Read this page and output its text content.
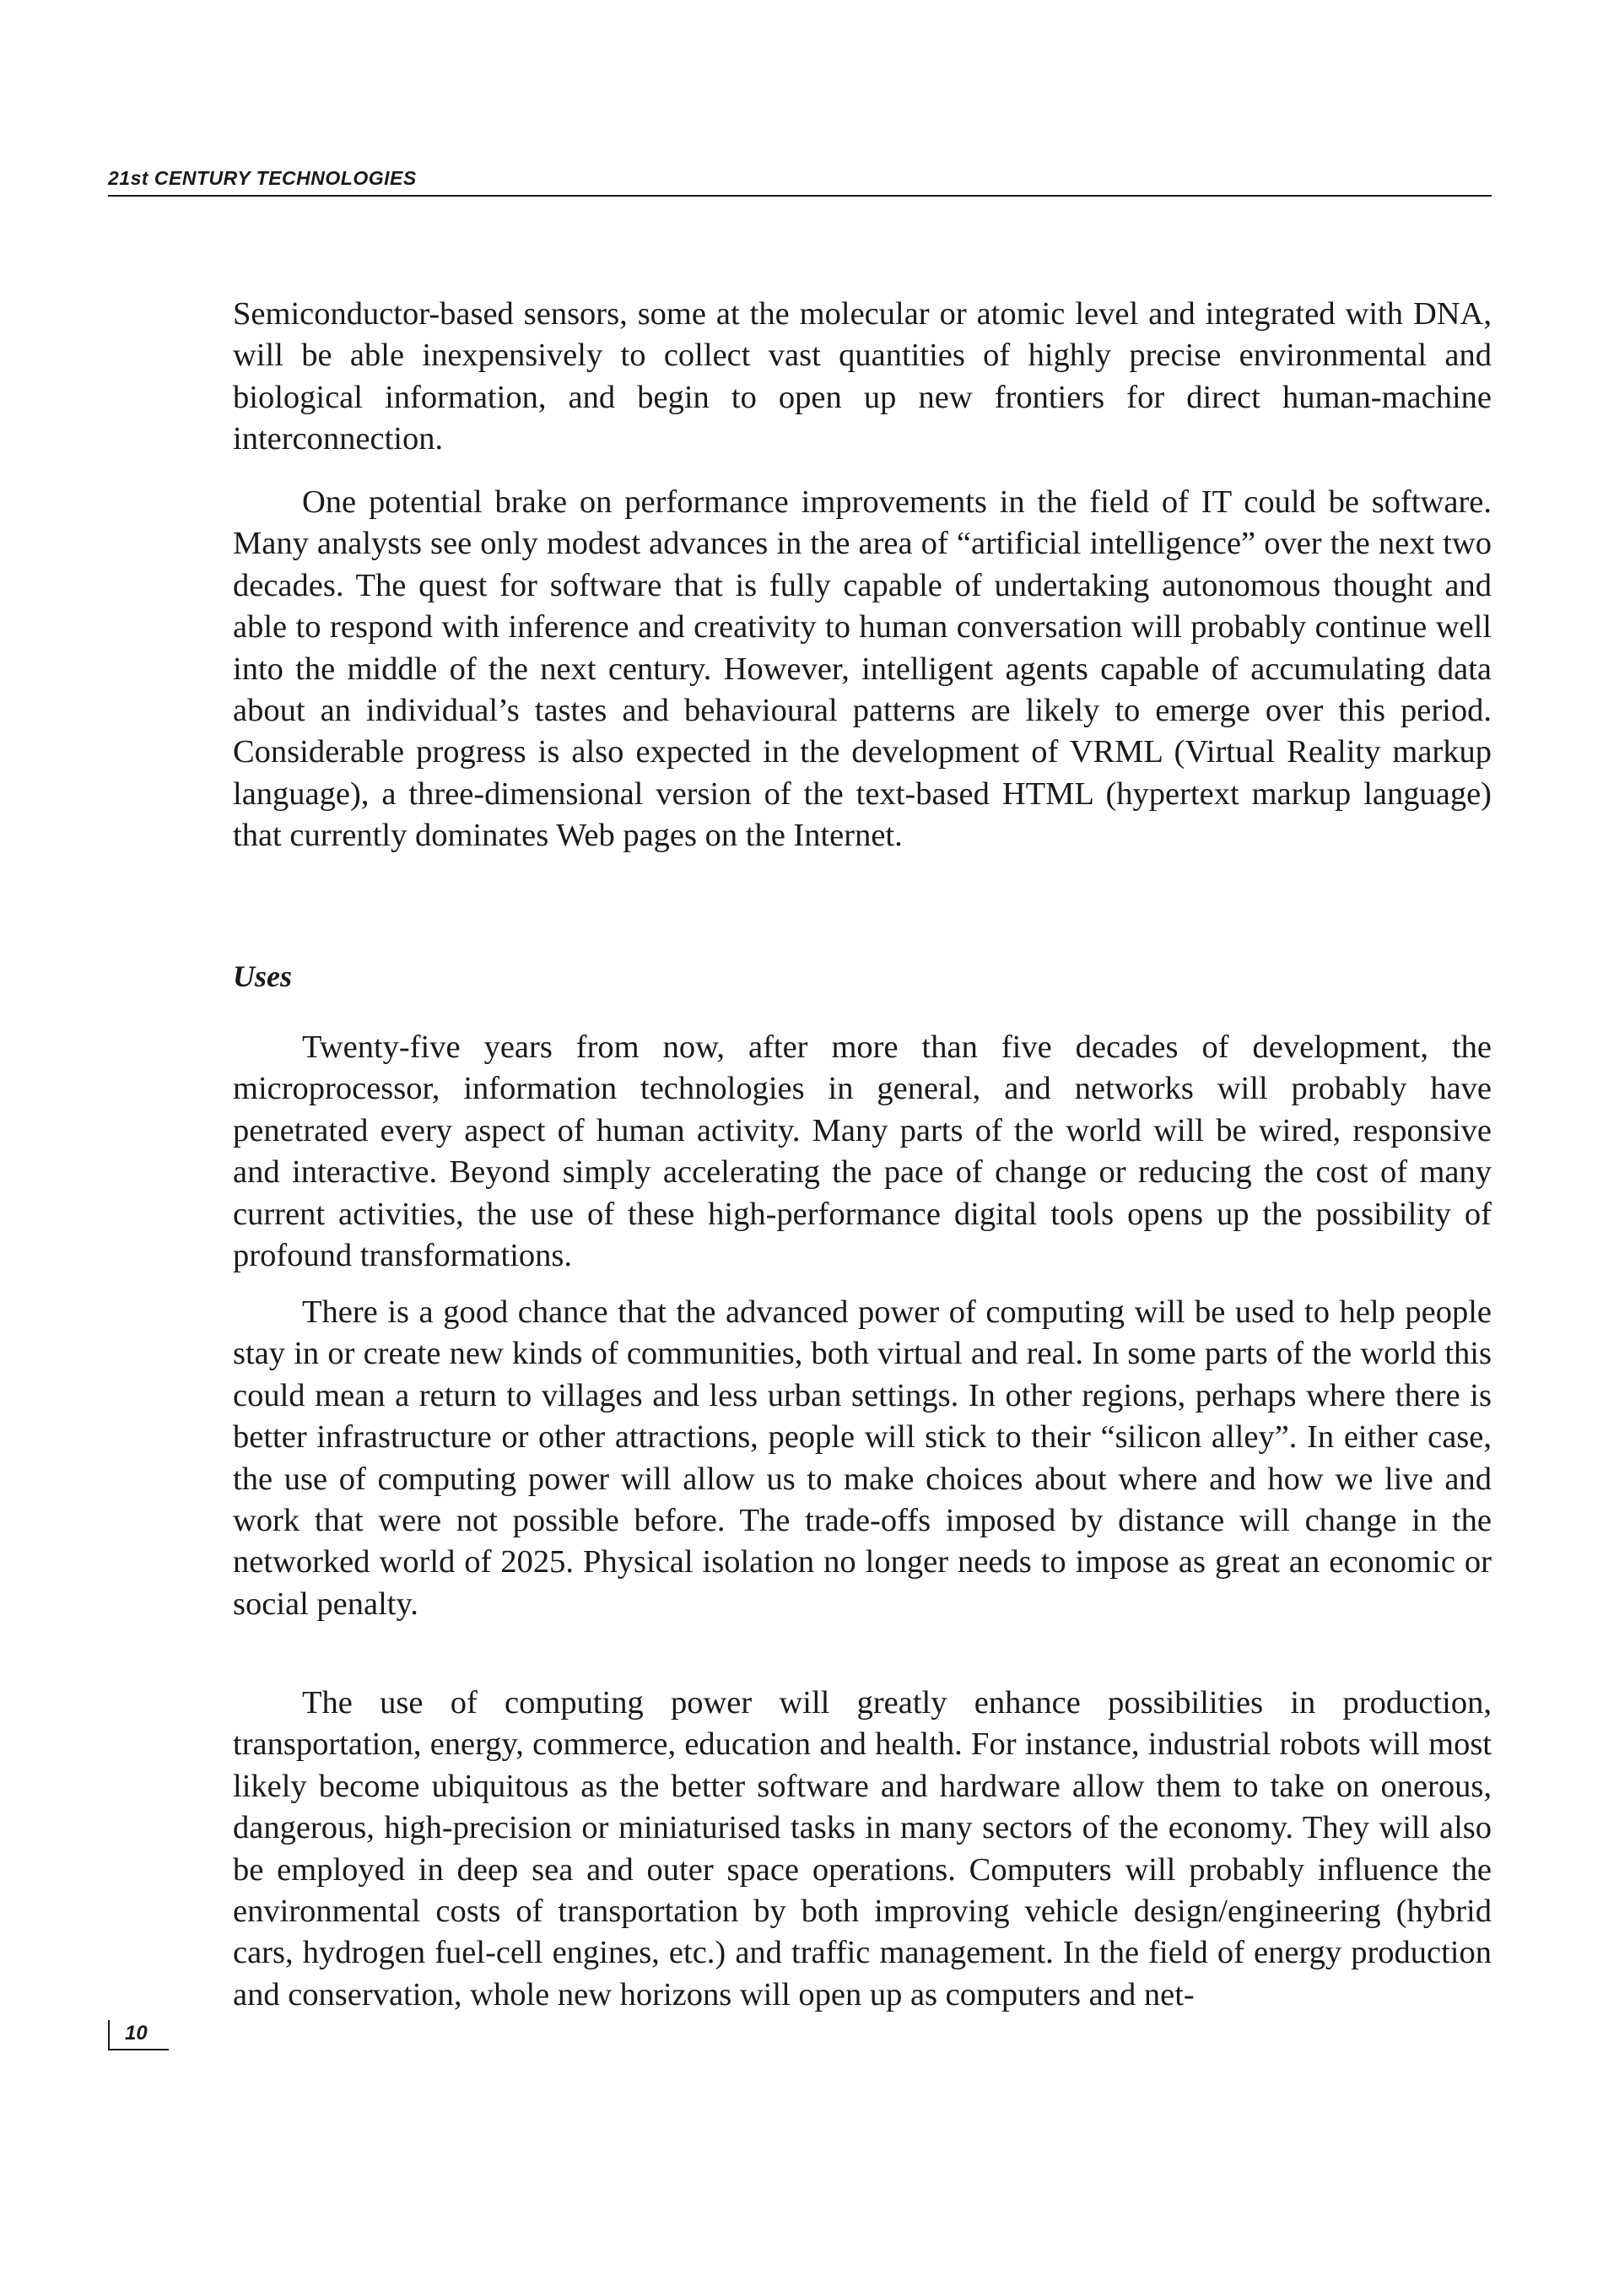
21st CENTURY TECHNOLOGIES

Semiconductor-based sensors, some at the molecular or atomic level and integrated with DNA, will be able inexpensively to collect vast quantities of highly precise environmental and biological information, and begin to open up new frontiers for direct human-machine interconnection.

One potential brake on performance improvements in the field of IT could be software. Many analysts see only modest advances in the area of “artificial intelligence” over the next two decades. The quest for software that is fully capable of undertaking autonomous thought and able to respond with inference and creativity to human conversation will probably continue well into the middle of the next century. However, intelligent agents capable of accumulating data about an individual’s tastes and behavioural patterns are likely to emerge over this period. Considerable progress is also expected in the development of VRML (Virtual Reality markup language), a three-dimensional version of the text-based HTML (hypertext markup language) that currently dominates Web pages on the Internet.

Uses

Twenty-five years from now, after more than five decades of development, the microprocessor, information technologies in general, and networks will probably have penetrated every aspect of human activity. Many parts of the world will be wired, responsive and interactive. Beyond simply accelerating the pace of change or reducing the cost of many current activities, the use of these high-performance digital tools opens up the possibility of profound transformations.

There is a good chance that the advanced power of computing will be used to help people stay in or create new kinds of communities, both virtual and real. In some parts of the world this could mean a return to villages and less urban settings. In other regions, perhaps where there is better infrastructure or other attractions, people will stick to their “silicon alley”. In either case, the use of computing power will allow us to make choices about where and how we live and work that were not possible before. The trade-offs imposed by distance will change in the networked world of 2025. Physical isolation no longer needs to impose as great an economic or social penalty.

The use of computing power will greatly enhance possibilities in production, transportation, energy, commerce, education and health. For instance, industrial robots will most likely become ubiquitous as the better software and hardware allow them to take on onerous, dangerous, high-precision or miniaturised tasks in many sectors of the economy. They will also be employed in deep sea and outer space operations. Computers will probably influence the environmental costs of transportation by both improving vehicle design/engineering (hybrid cars, hydrogen fuel-cell engines, etc.) and traffic management. In the field of energy production and conservation, whole new horizons will open up as computers and net-

10
